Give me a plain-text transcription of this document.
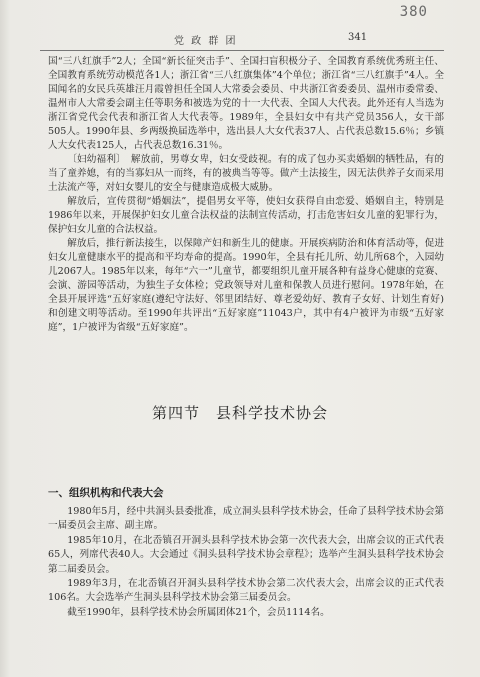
380
党 政 群 团	341

国“三八红旗手”2人；全国“新长征突击手”、全国扫盲积极分子、全国教育系统优秀班主任、全国教育系统劳动模范各1人；浙江省“三八红旗集体”4个单位；浙江省“三八红旗手”4人。全国闻名的女民兵英雄汪月霞曾担任全国人大常委会委员、中共浙江省委委员、温州市委常委、温州市人大常委会副主任等职务和被选为党的十一大代表、全国人大代表。此外还有人当选为浙江省党代会代表和浙江省人大代表等。1989年，全县妇女中有共产党员356人，女干部505人。1990年县、乡两级换届选举中，选出县人大女代表37人、占代表总数15.6％；乡镇人大女代表125人，占代表总数16.31％。

〔妇幼福利〕　解放前，男尊女卑，妇女受歧视。有的成了包办买卖婚姻的牺牲品，有的当了童养媳，有的当寡妇从一而终，有的被典当等等。做产土法接生，因无法供养子女而采用土法流产等，对妇女婴儿的安全与健康造成极大威胁。

解放后，宣传贯彻“婚姻法”，提倡男女平等，使妇女获得自由恋爱、婚姻自主，特别是1986年以来，开展保护妇女儿童合法权益的法制宣传活动，打击危害妇女儿童的犯罪行为，保护妇女儿童的合法权益。

解放后，推行新法接生，以保障产妇和新生儿的健康。开展疾病防治和体育活动等，促进妇女儿童健康水平的提高和平均寿命的提高。1990年，全县有托儿所、幼儿所68个，入园幼儿2067人。1985年以来，每年“六一”儿童节，都要组织儿童开展各种有益身心健康的竞赛、会演、游园等活动，为独生子女体检；党政领导对儿童和保教人员进行慰问。1978年始，在全县开展评选“五好家庭(遵纪守法好、邻里团结好、尊老爱幼好、教育子女好、计划生育好)和创建文明等活动。至1990年共评出“五好家庭”11043户，其中有4户被评为市级“五好家庭”，1户被评为省级“五好家庭”。

第四节　县科学技术协会
一、组织机构和代表大会

1980年5月，经中共洞头县委批准，成立洞头县科学技术协会，任命了县科学技术协会第一届委员会主席、副主席。

1985年10月，在北岙镇召开洞头县科学技术协会第一次代表大会，出席会议的正式代表65人，列席代表40人。大会通过《洞头县科学技术协会章程》；选举产生洞头县科学技术协会第二届委员会。

1989年3月，在北岙镇召开洞头县科学技术协会第二次代表大会，出席会议的正式代表106名。大会选举产生洞头县科学技术协会第三届委员会。

截至1990年，县科学技术协会所属团体21个，会员1114名。
